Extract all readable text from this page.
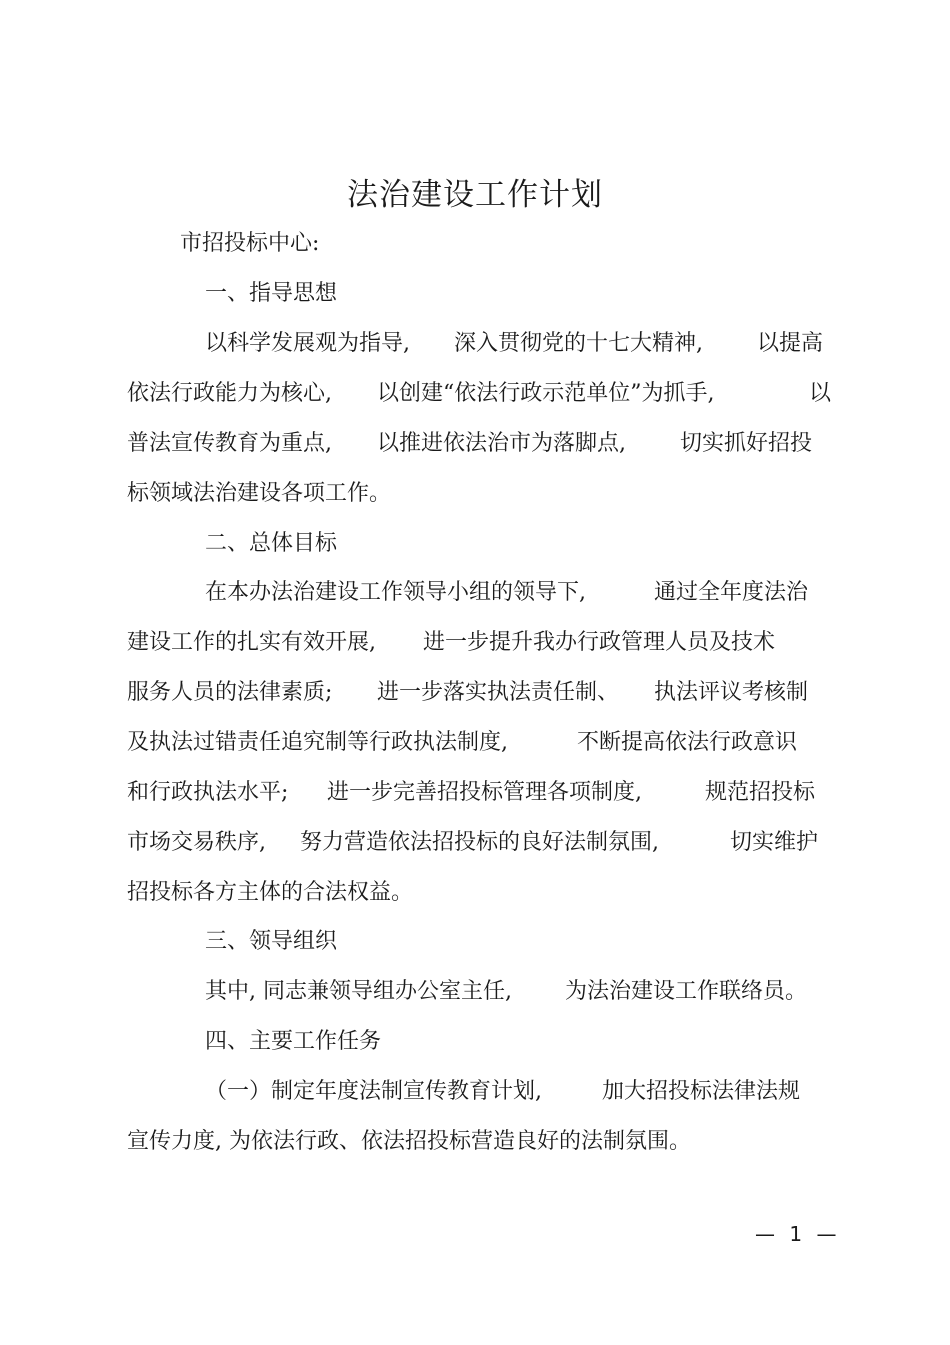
法治建设工作计划
市招投标中心:
一、指导思想
以科学发展观为指导, 深入贯彻党的十七大精神, 以提高
依法行政能力为核心, 以创建“依法行政示范单位”为抓手,	以
普法宣传教育为重点, 以推进依法治市为落脚点, 切实抓好招投
标领域法治建设各项工作。
二、总体目标
在本办法治建设工作领导小组的领导下,	通过全年度法治
建设工作的扎实有效开展, 进一步提升我办行政管理人员及技术
服务人员的法律素质; 进一步落实执法责任制、 执法评议考核制
及执法过错责任追究制等行政执法制度,	不断提高依法行政意识
和行政执法水平; 进一步完善招投标管理各项制度,	规范招投标
市场交易秩序, 努力营造依法招投标的良好法制氛围,	切实维护
招投标各方主体的合法权益。
三、领导组织
其中, 同志兼领导组办公室主任, 为法治建设工作联络员。
四、主要工作任务
（一）制定年度法制宣传教育计划,	加大招投标法律法规
宣传力度, 为依法行政、依法招投标营造良好的法制氛围。
— 1 —
